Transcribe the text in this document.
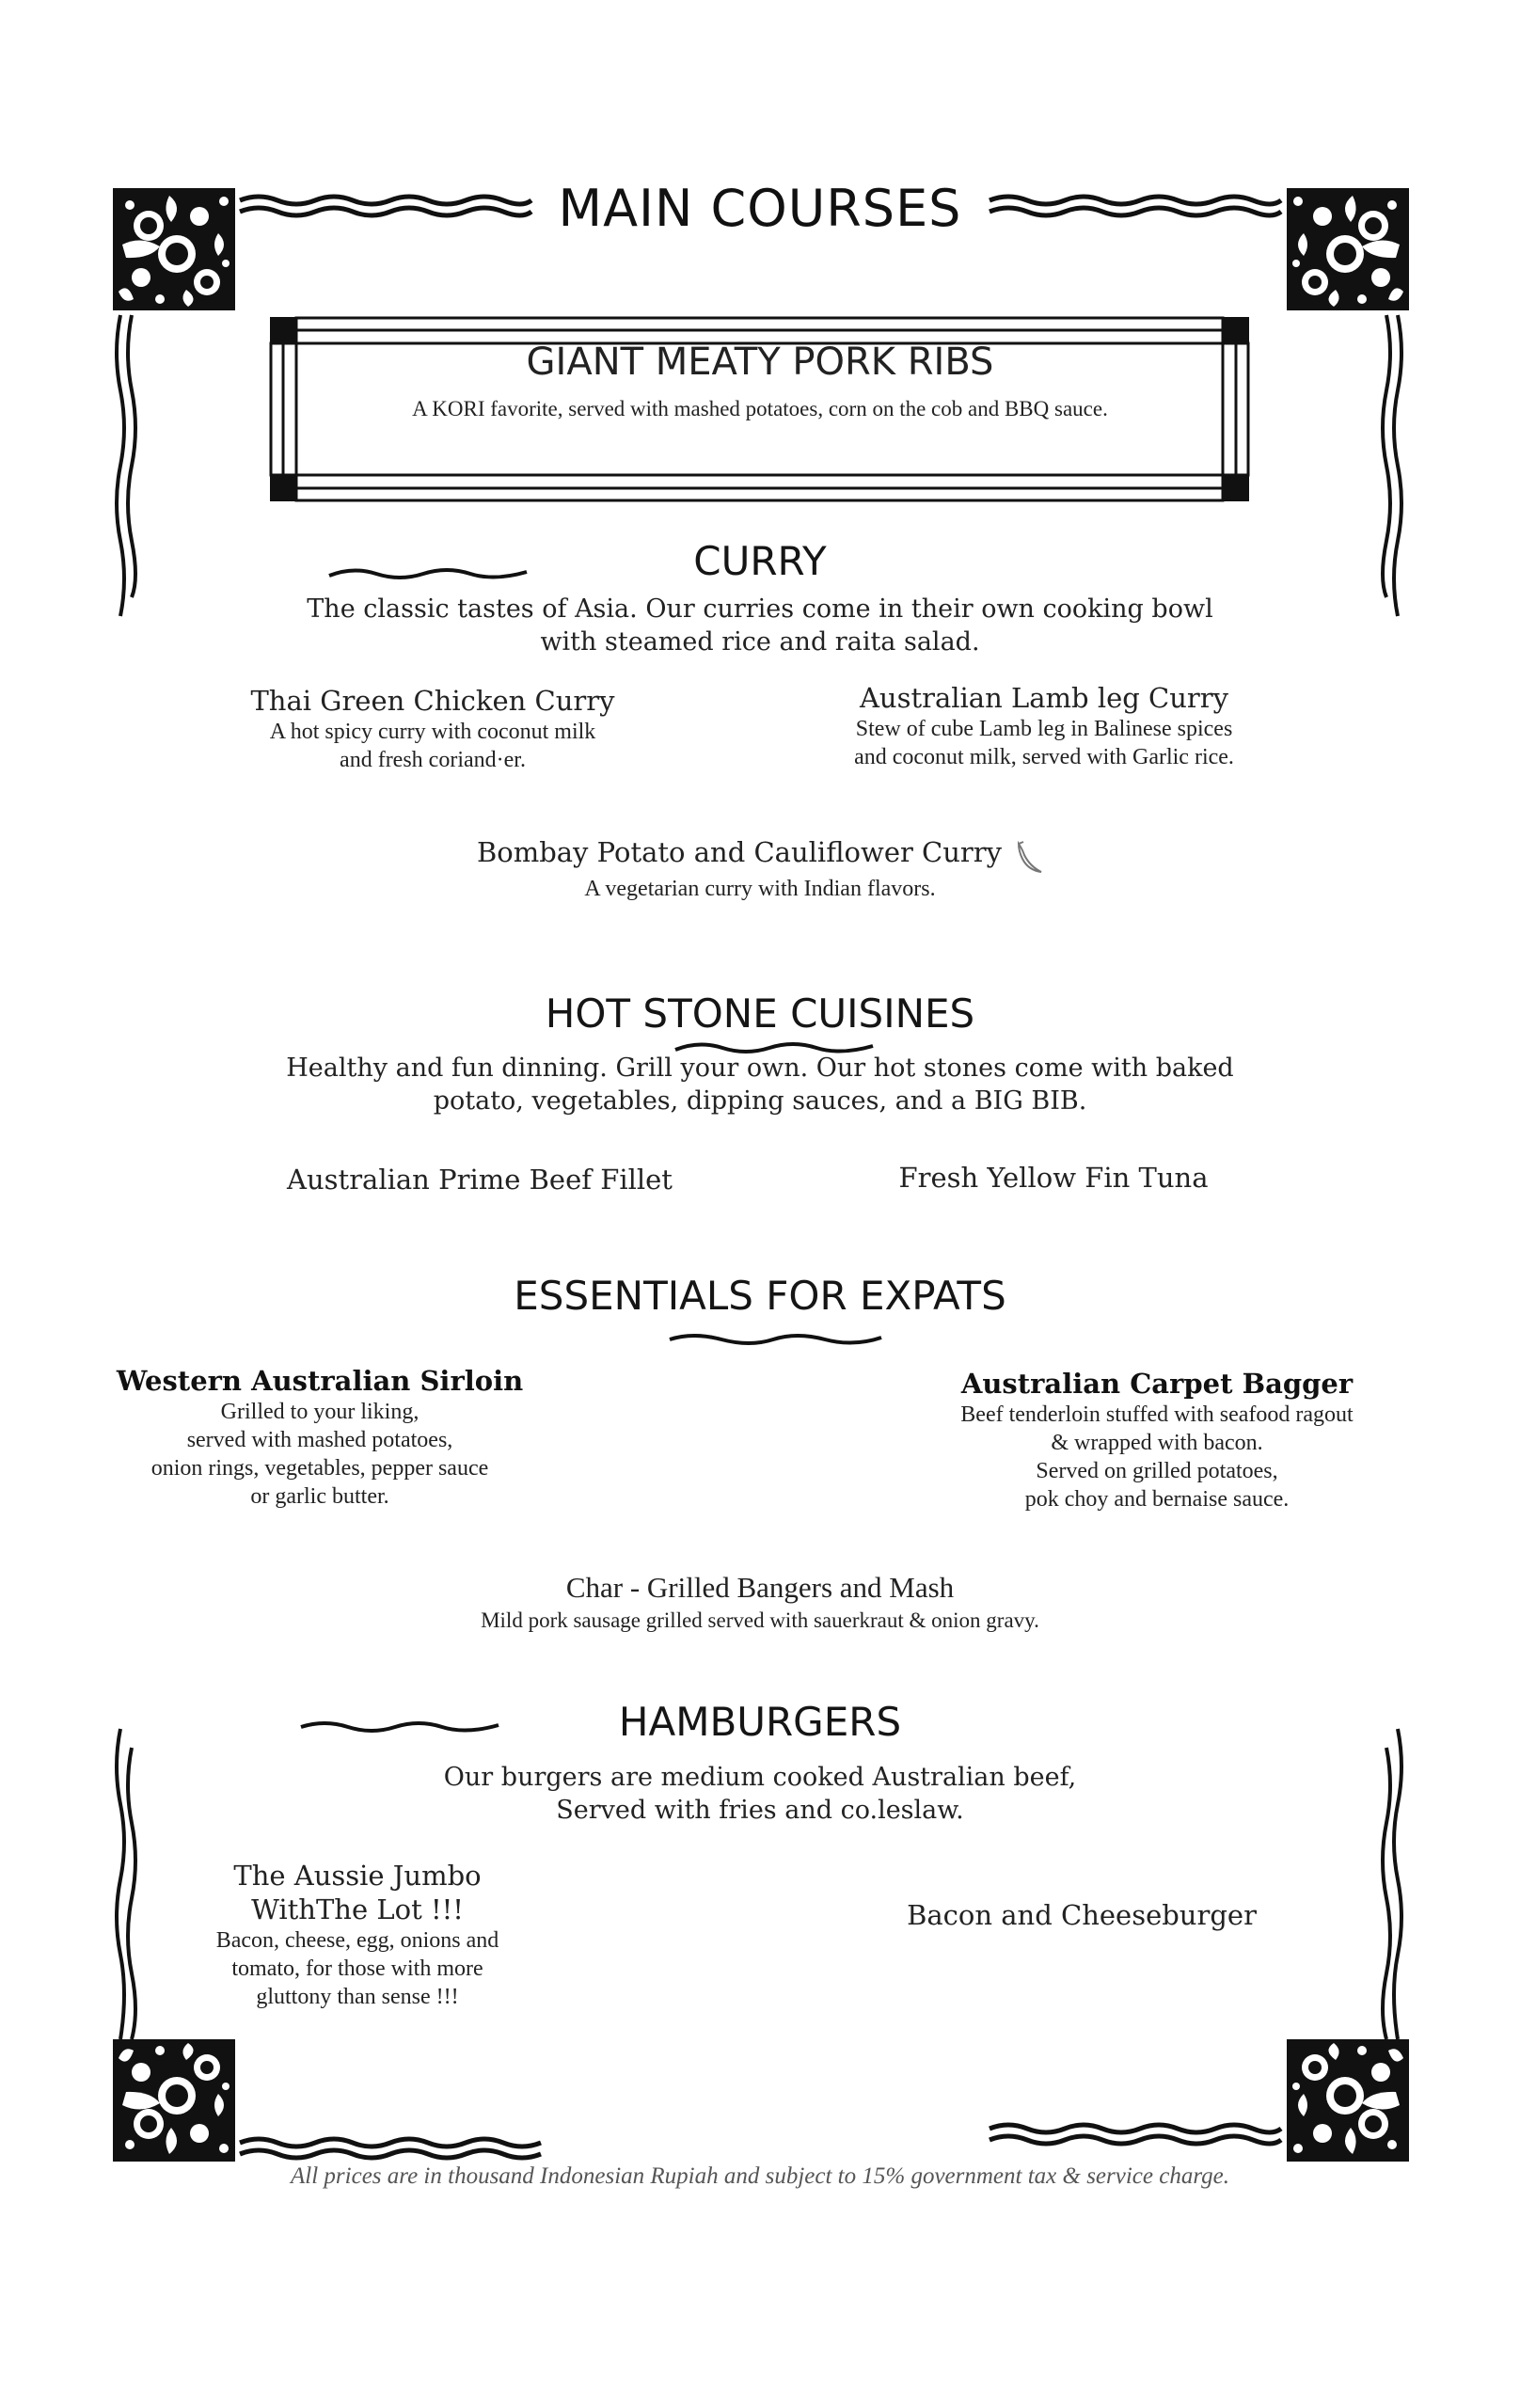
MAIN COURSES
GIANT MEATY PORK RIBS
A KORI favorite, served with mashed potatoes, corn on the cob and BBQ sauce.
CURRY
The classic tastes of Asia. Our curries come in their own cooking bowl
with steamed rice and raita salad.
Thai Green Chicken Curry
A hot spicy curry with coconut milk
and fresh coriand·er.
Australian Lamb leg Curry
Stew of cube Lamb leg in Balinese spices
and coconut milk, served with Garlic rice.
Bombay Potato and Cauliflower Curry
A vegetarian curry with Indian flavors.
HOT STONE CUISINES
Healthy and fun dinning. Grill your own. Our hot stones come with baked
potato, vegetables, dipping sauces, and a BIG BIB.
Australian Prime Beef Fillet	Fresh Yellow Fin Tuna
ESSENTIALS FOR EXPATS
Western Australian Sirloin
Grilled to your liking,
served with mashed potatoes,
onion rings, vegetables, pepper sauce
or garlic butter.
Australian Carpet Bagger
Beef tenderloin stuffed with seafood ragout
& wrapped with bacon.
Served on grilled potatoes,
pok choy and bernaise sauce.
Char - Grilled Bangers and Mash
Mild pork sausage grilled served with sauerkraut & onion gravy.
HAMBURGERS
Our burgers are medium cooked Australian beef,
Served with fries and co.leslaw.
The Aussie Jumbo
WithThe Lot !!!
Bacon, cheese, egg, onions and
tomato, for those with more
gluttony than sense !!!
Bacon and Cheeseburger
All prices are in thousand Indonesian Rupiah and subject to 15% government tax & service charge.
